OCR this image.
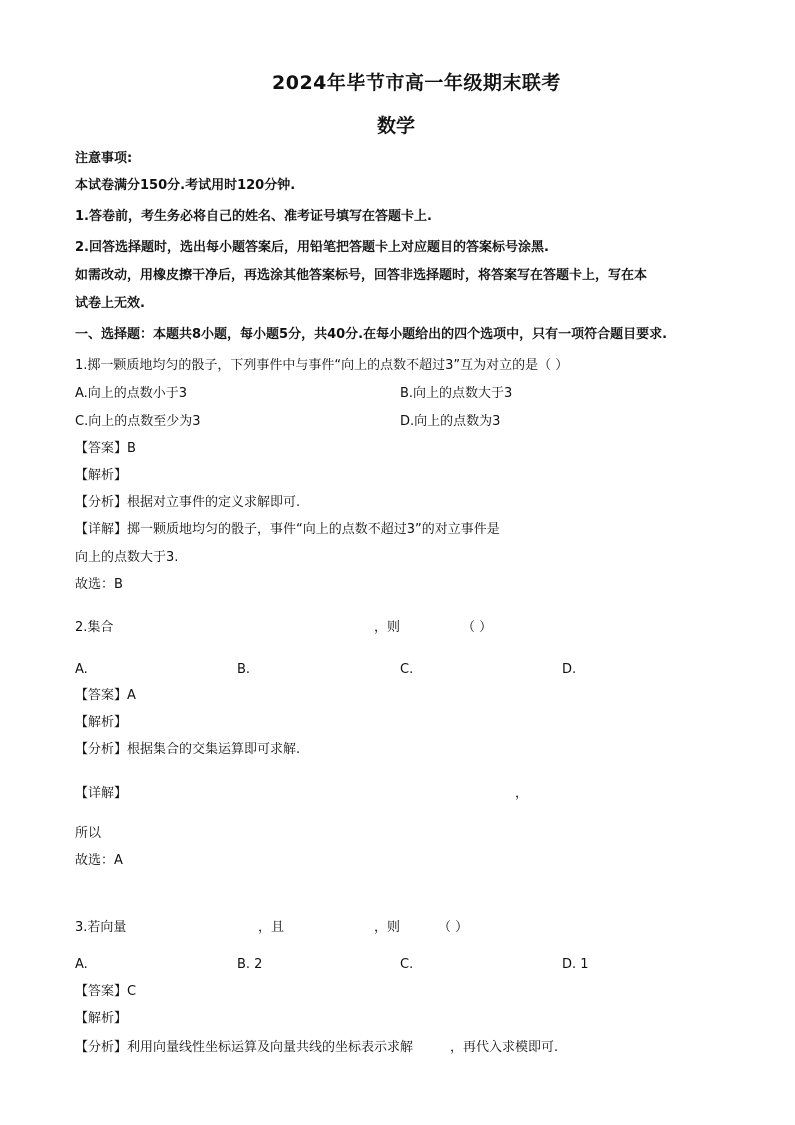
2024年毕节市高一年级期末联考
数学
注意事项:
本试卷满分150分.考试用时120分钟.
1.答卷前，考生务必将自己的姓名、准考证号填写在答题卡上.
2.回答选择题时，选出每小题答案后，用铅笔把答题卡上对应题目的答案标号涂黑.
如需改动，用橡皮擦干净后，再选涂其他答案标号，回答非选择题时，将答案写在答题卡上，写在本
试卷上无效.
一、选择题：本题共8小题，每小题5分，共40分.在每小题给出的四个选项中，只有一项符合题目要求.
1.掷一颗质地均匀的骰子，下列事件中与事件“向上的点数不超过3”互为对立的是（ ）
A.向上的点数小于3	B.向上的点数大于3
C.向上的点数至少为3	D.向上的点数为3
【答案】B
【解析】
【分析】根据对立事件的定义求解即可.
【详解】掷一颗质地均匀的骰子，事件“向上的点数不超过3”的对立事件是
向上的点数大于3.
故选：B
2.集合	，则	（ ）
A.	B.	C.	D.
【答案】A
【解析】
【分析】根据集合的交集运算即可求解.
【详解】	，
所以
故选：A
3.若向量	，且	，则	（ ）
A.	B. 2	C.	D. 1
【答案】C
【解析】
【分析】利用向量线性坐标运算及向量共线的坐标表示求解	，再代入求模即可.
